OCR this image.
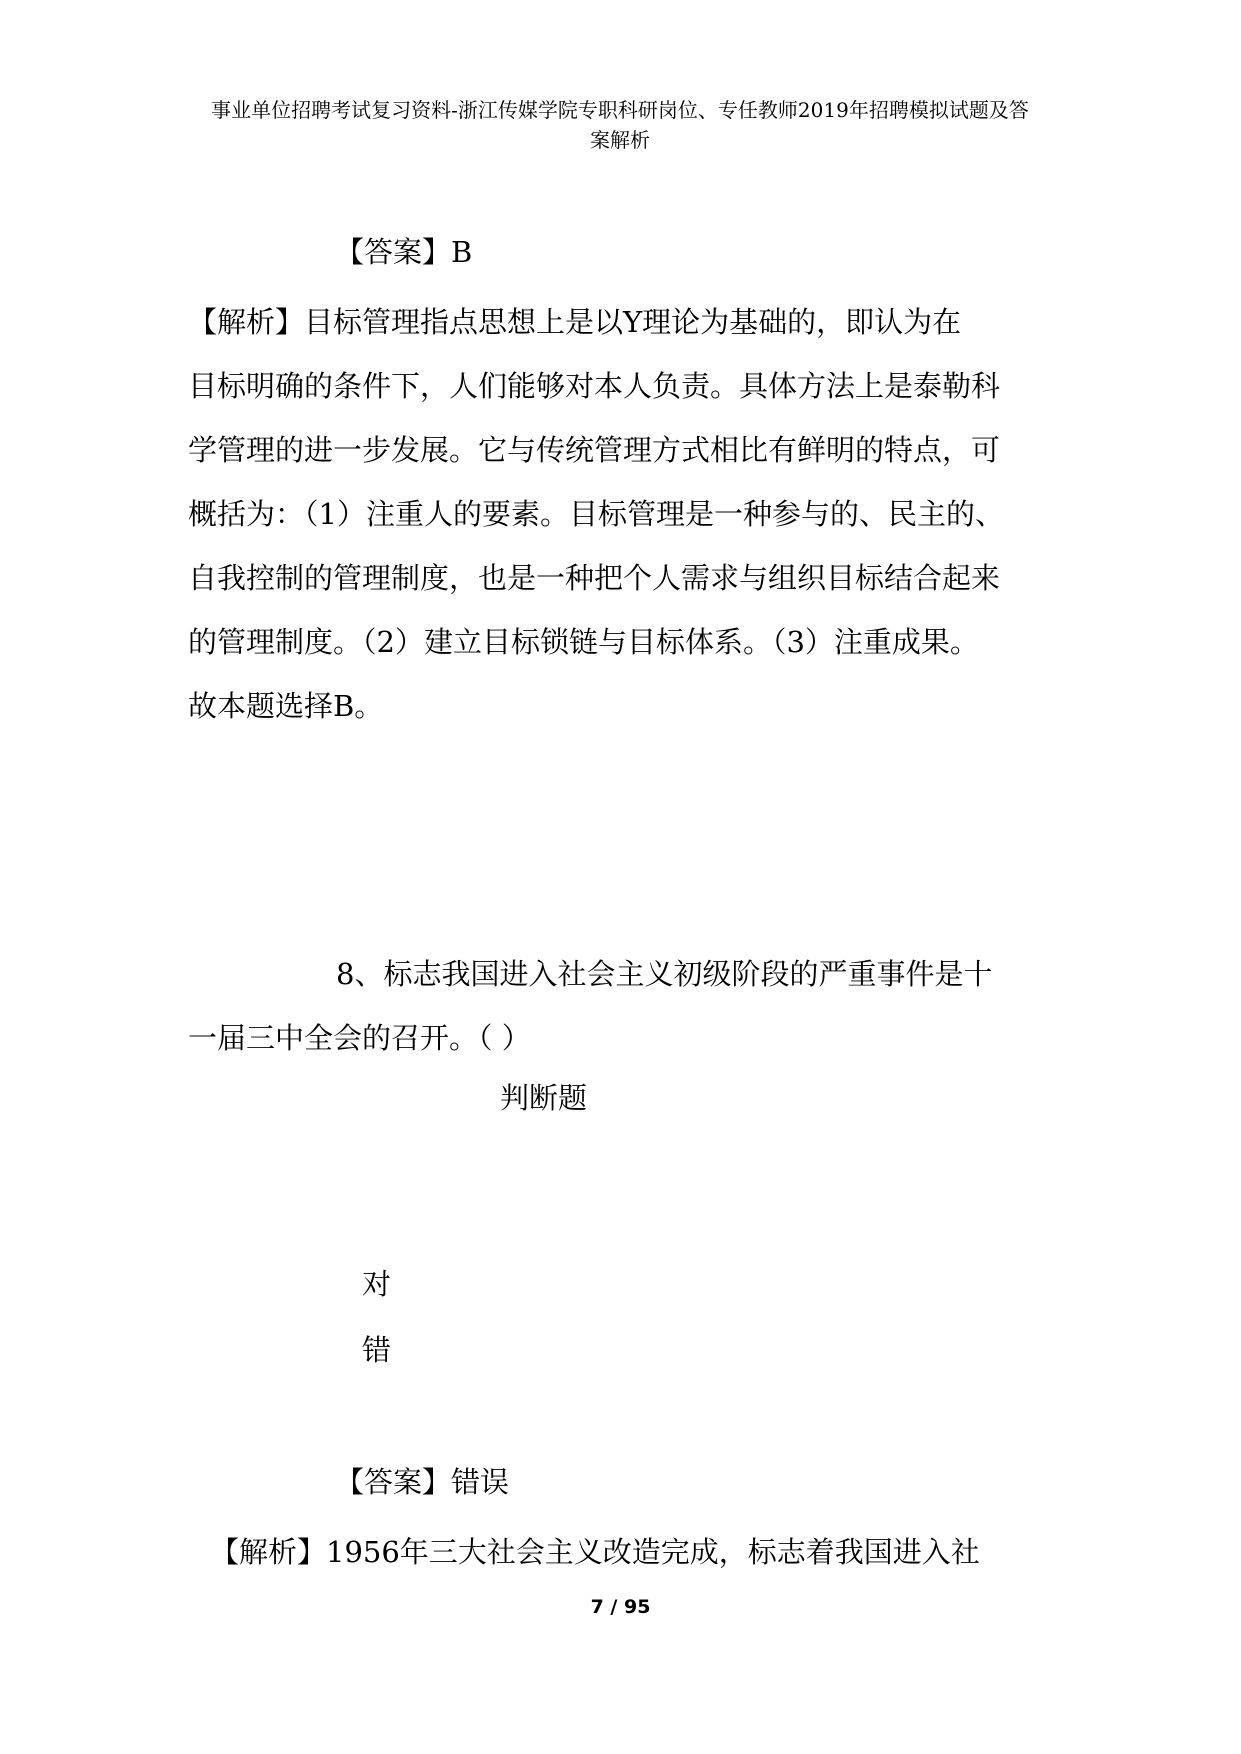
事业单位招聘考试复习资料-浙江传媒学院专职科研岗位、专任教师2019年招聘模拟试题及答
案解析
【答案】B
【解析】目标管理指点思想上是以Y理论为基础的，即认为在
目标明确的条件下，人们能够对本人负责。具体方法上是泰勒科
学管理的进一步发展。它与传统管理方式相比有鲜明的特点，可
概括为：（1）注重人的要素。目标管理是一种参与的、民主的、
自我控制的管理制度，也是一种把个人需求与组织目标结合起来
的管理制度。（2）建立目标锁链与目标体系。（3）注重成果。
故本题选择B。
8、标志我国进入社会主义初级阶段的严重事件是十
一届三中全会的召开。（ ）
判断题
对
错
【答案】错误
【解析】1956年三大社会主义改造完成，标志着我国进入社
7 / 95
